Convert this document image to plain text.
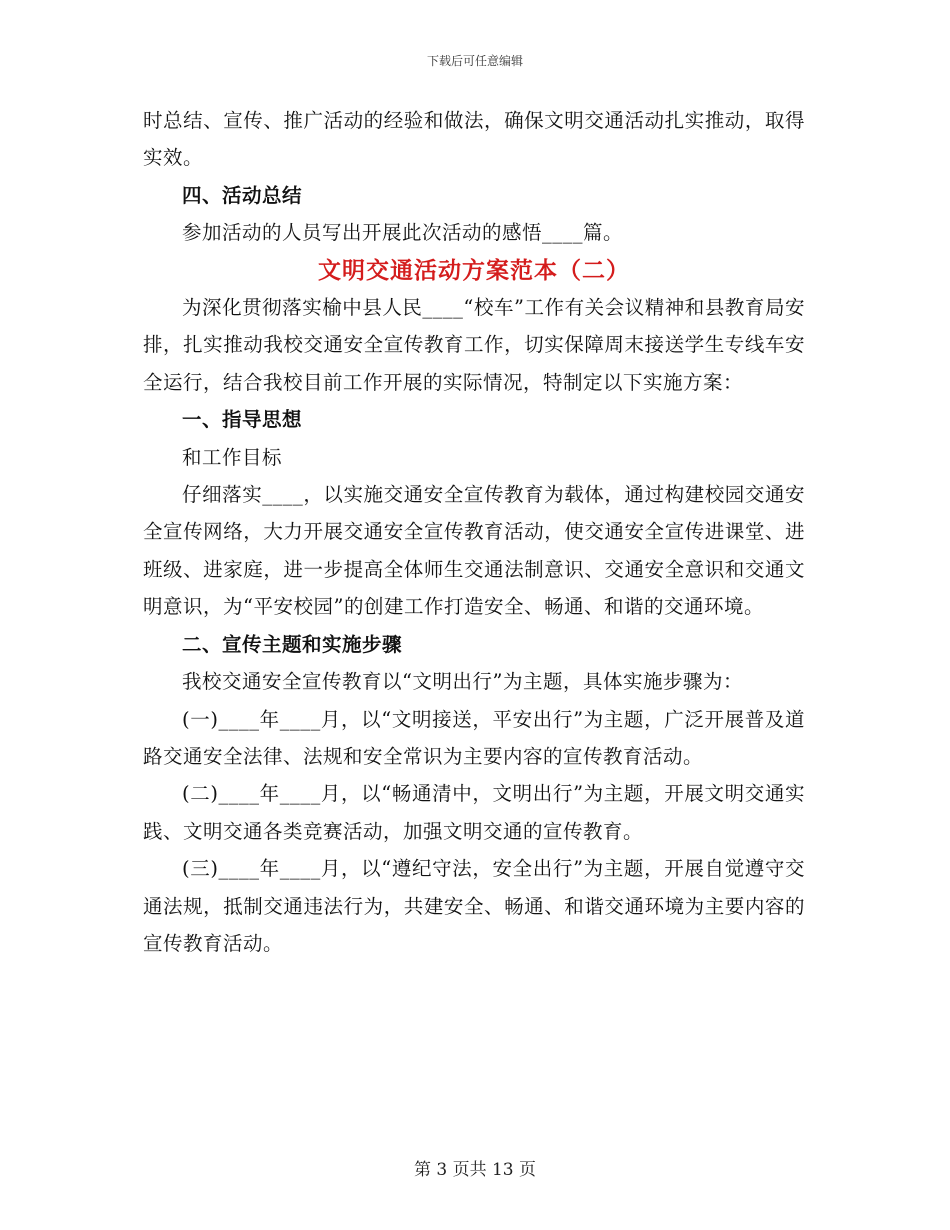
下载后可任意编辑

时总结、宣传、推广活动的经验和做法，确保文明交通活动扎实推动，取得实效。

四、活动总结

参加活动的人员写出开展此次活动的感悟____篇。

文明交通活动方案范本（二）

为深化贯彻落实榆中县人民____“校车”工作有关会议精神和县教育局安排，扎实推动我校交通安全宣传教育工作，切实保障周末接送学生专线车安全运行，结合我校目前工作开展的实际情况，特制定以下实施方案：

一、指导思想

和工作目标

仔细落实____，以实施交通安全宣传教育为载体，通过构建校园交通安全宣传网络，大力开展交通安全宣传教育活动，使交通安全宣传进课堂、进班级、进家庭，进一步提高全体师生交通法制意识、交通安全意识和交通文明意识，为“平安校园”的创建工作打造安全、畅通、和谐的交通环境。

二、宣传主题和实施步骤

我校交通安全宣传教育以“文明出行”为主题，具体实施步骤为：

(一)____年____月，以“文明接送，平安出行”为主题，广泛开展普及道路交通安全法律、法规和安全常识为主要内容的宣传教育活动。

(二)____年____月，以“畅通清中，文明出行”为主题，开展文明交通实践、文明交通各类竞赛活动，加强文明交通的宣传教育。

(三)____年____月，以“遵纪守法，安全出行”为主题，开展自觉遵守交通法规，抵制交通违法行为，共建安全、畅通、和谐交通环境为主要内容的宣传教育活动。

第 3 页共 13 页
